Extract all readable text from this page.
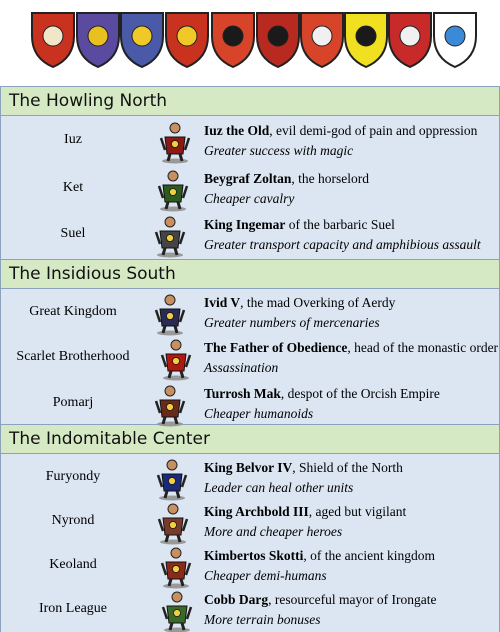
The Howling North
The Insidious South
The Indomitable Center
Iuz
Iuz the Old, evil demi-god of pain and oppression
Greater success with magic
Ket
Beygraf Zoltan, the horselord
Cheaper cavalry
Suel
King Ingemar of the barbaric Suel
Greater transport capacity and amphibious assault
Great Kingdom
Ivid V, the mad Overking of Aerdy
Greater numbers of mercenaries
Scarlet Brotherhood
The Father of Obedience, head of the monastic order
Assassination
Pomarj
Turrosh Mak, despot of the Orcish Empire
Cheaper humanoids
Furyondy
King Belvor IV, Shield of the North
Leader can heal other units
Nyrond
King Archbold III, aged but vigilant
More and cheaper heroes
Keoland
Kimbertos Skotti, of the ancient kingdom
Cheaper demi-humans
Iron League
Cobb Darg, resourceful mayor of Irongate
More terrain bonuses
